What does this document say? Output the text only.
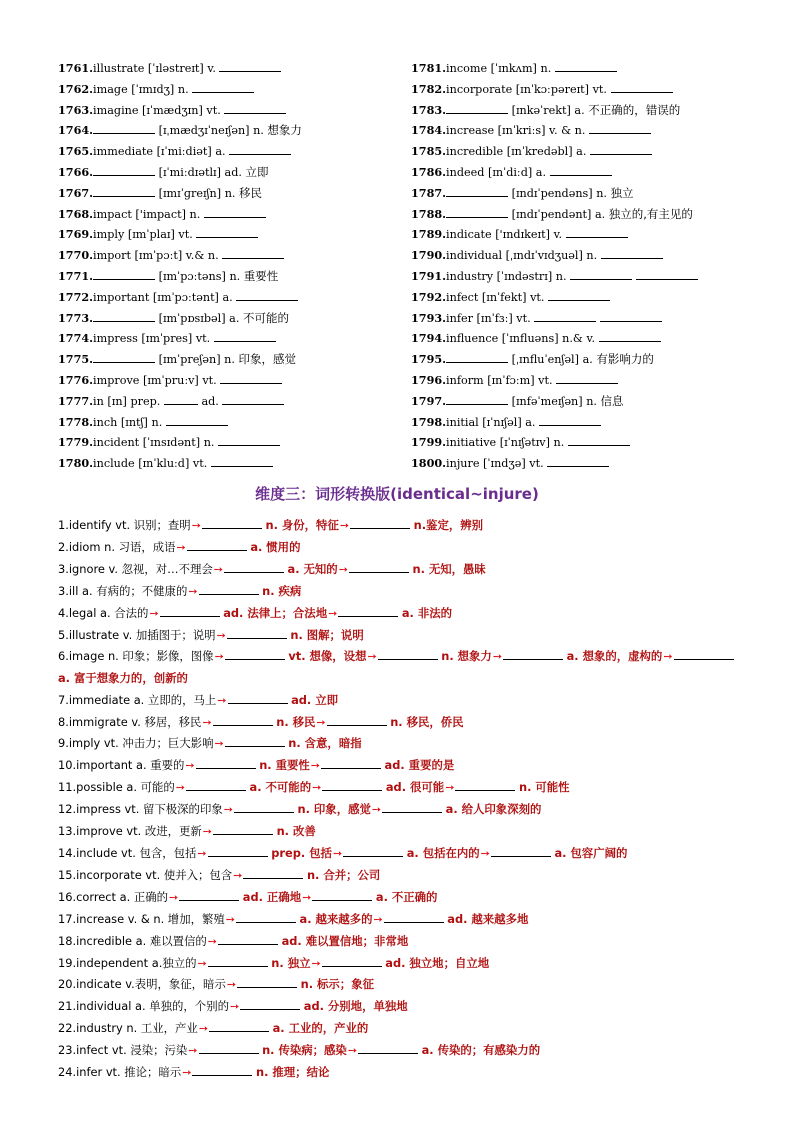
1761.illustrate [ˈɪləstreɪt] v.
1762.image [ˈɪmɪdʒ] n.
1763.imagine [ɪˈmædʒɪn] vt.
1764.	[ɪˌmædʒɪˈneɪʃən] n. 想象力
1765.immediate [ɪˈmiːdiət] a.
1766.	[ɪˈmiːdɪətlɪ] ad. 立即
1767.	[ɪmɪˈɡreɪʃn] n. 移民
1768.impact ['impact] n.
1769.imply [ɪmˈplaɪ] vt.
1770.import [ɪmˈpɔːt] v.& n.
1771.	[ɪmˈpɔːtəns] n. 重要性
1772.important [ɪmˈpɔːtənt] a.
1773.	[ɪmˈpɒsɪbəl] a. 不可能的
1774.impress [ɪmˈpres] vt.
1775.	[ɪmˈpreʃən] n. 印象，感觉
1776.improve [ɪmˈpruːv] vt.
1777.in [ɪn] prep.	ad.
1778.inch [ɪntʃ] n.
1779.incident [ˈɪnsɪdənt] n.
1780.include [ɪnˈkluːd] vt.
1781.income [ˈɪnkʌm] n.
1782.incorporate [ɪnˈkɔːpəreɪt] vt.
1783.	[ɪnkəˈrekt] a. 不正确的，错误的
1784.increase [ɪnˈkriːs] v. & n.
1785.incredible [ɪnˈkredəbl] a.
1786.indeed [ɪnˈdiːd] a.
1787.	[ɪndɪˈpendəns] n. 独立
1788.	[ɪndɪˈpendənt] a. 独立的,有主见的
1789.indicate ['ɪndɪkeɪt] v.
1790.individual [ˌɪndɪˈvɪdʒuəl] n.
1791.industry [ˈɪndəstrɪ] n.
1792.infect [ɪnˈfekt] vt.
1793.infer [ɪnˈfɜː] vt.
1794.influence [ˈɪnfluəns] n.& v.
1795.	[ˌɪnfluˈenʃəl] a. 有影响力的
1796.inform [ɪnˈfɔːm] vt.
1797.	[ɪnfəˈmeɪʃən] n. 信息
1798.initial [ɪˈnɪʃəl] a.
1799.initiative [ɪˈnɪʃətɪv] n.
1800.injure [ˈɪndʒə] vt.
维度三：词形转换版(identical~injure)
1.identify vt. 识别；查明➙	n. 身份，特征➙	n.鉴定，辨别
2.idiom n. 习语，成语➙	a. 惯用的
3.ignore v. 忽视，对…不理会➙	a. 无知的➙	n. 无知，愚昧
3.ill a. 有病的；不健康的➙	n. 疾病
4.legal a. 合法的➙	ad. 法律上；合法地➙	a. 非法的
5.illustrate v. 加插图于；说明➙	n. 图解；说明
6.image n. 印象；影像，图像➙	vt. 想像，设想➙	n. 想象力➙	a. 想象的，虚构的➙ a. 富于想象力的，创新的
7.immediate a. 立即的，马上➙	ad. 立即
8.immigrate v. 移居，移民➙	n. 移民➙	n. 移民，侨民
9.imply vt. 冲击力；巨大影响➙	n. 含意，暗指
10.important a. 重要的➙	n. 重要性➙	ad. 重要的是
11.possible a. 可能的➙	a. 不可能的➙	ad. 很可能➙	n. 可能性
12.impress vt. 留下极深的印象➙	n. 印象，感觉➙	a. 给人印象深刻的
13.improve vt. 改进，更新➙	n. 改善
14.include vt. 包含，包括➙	prep. 包括➙	a. 包括在内的➙	a. 包容广阔的
15.incorporate vt. 使并入；包含➙	n. 合并；公司
16.correct a. 正确的➙	ad. 正确地➙	a. 不正确的
17.increase v. & n. 增加，繁殖➙	a. 越来越多的➙	ad. 越来越多地
18.incredible a. 难以置信的➙	ad. 难以置信地；非常地
19.independent a.独立的➙	n. 独立➙	ad. 独立地；自立地
20.indicate v.表明，象征，暗示➙	n. 标示；象征
21.individual a. 单独的，个别的➙	ad. 分别地，单独地
22.industry n. 工业，产业➙	a. 工业的，产业的
23.infect vt. 浸染；污染➙	n. 传染病；感染➙	a. 传染的；有感染力的
24.infer vt. 推论；暗示➙	n. 推理；结论
